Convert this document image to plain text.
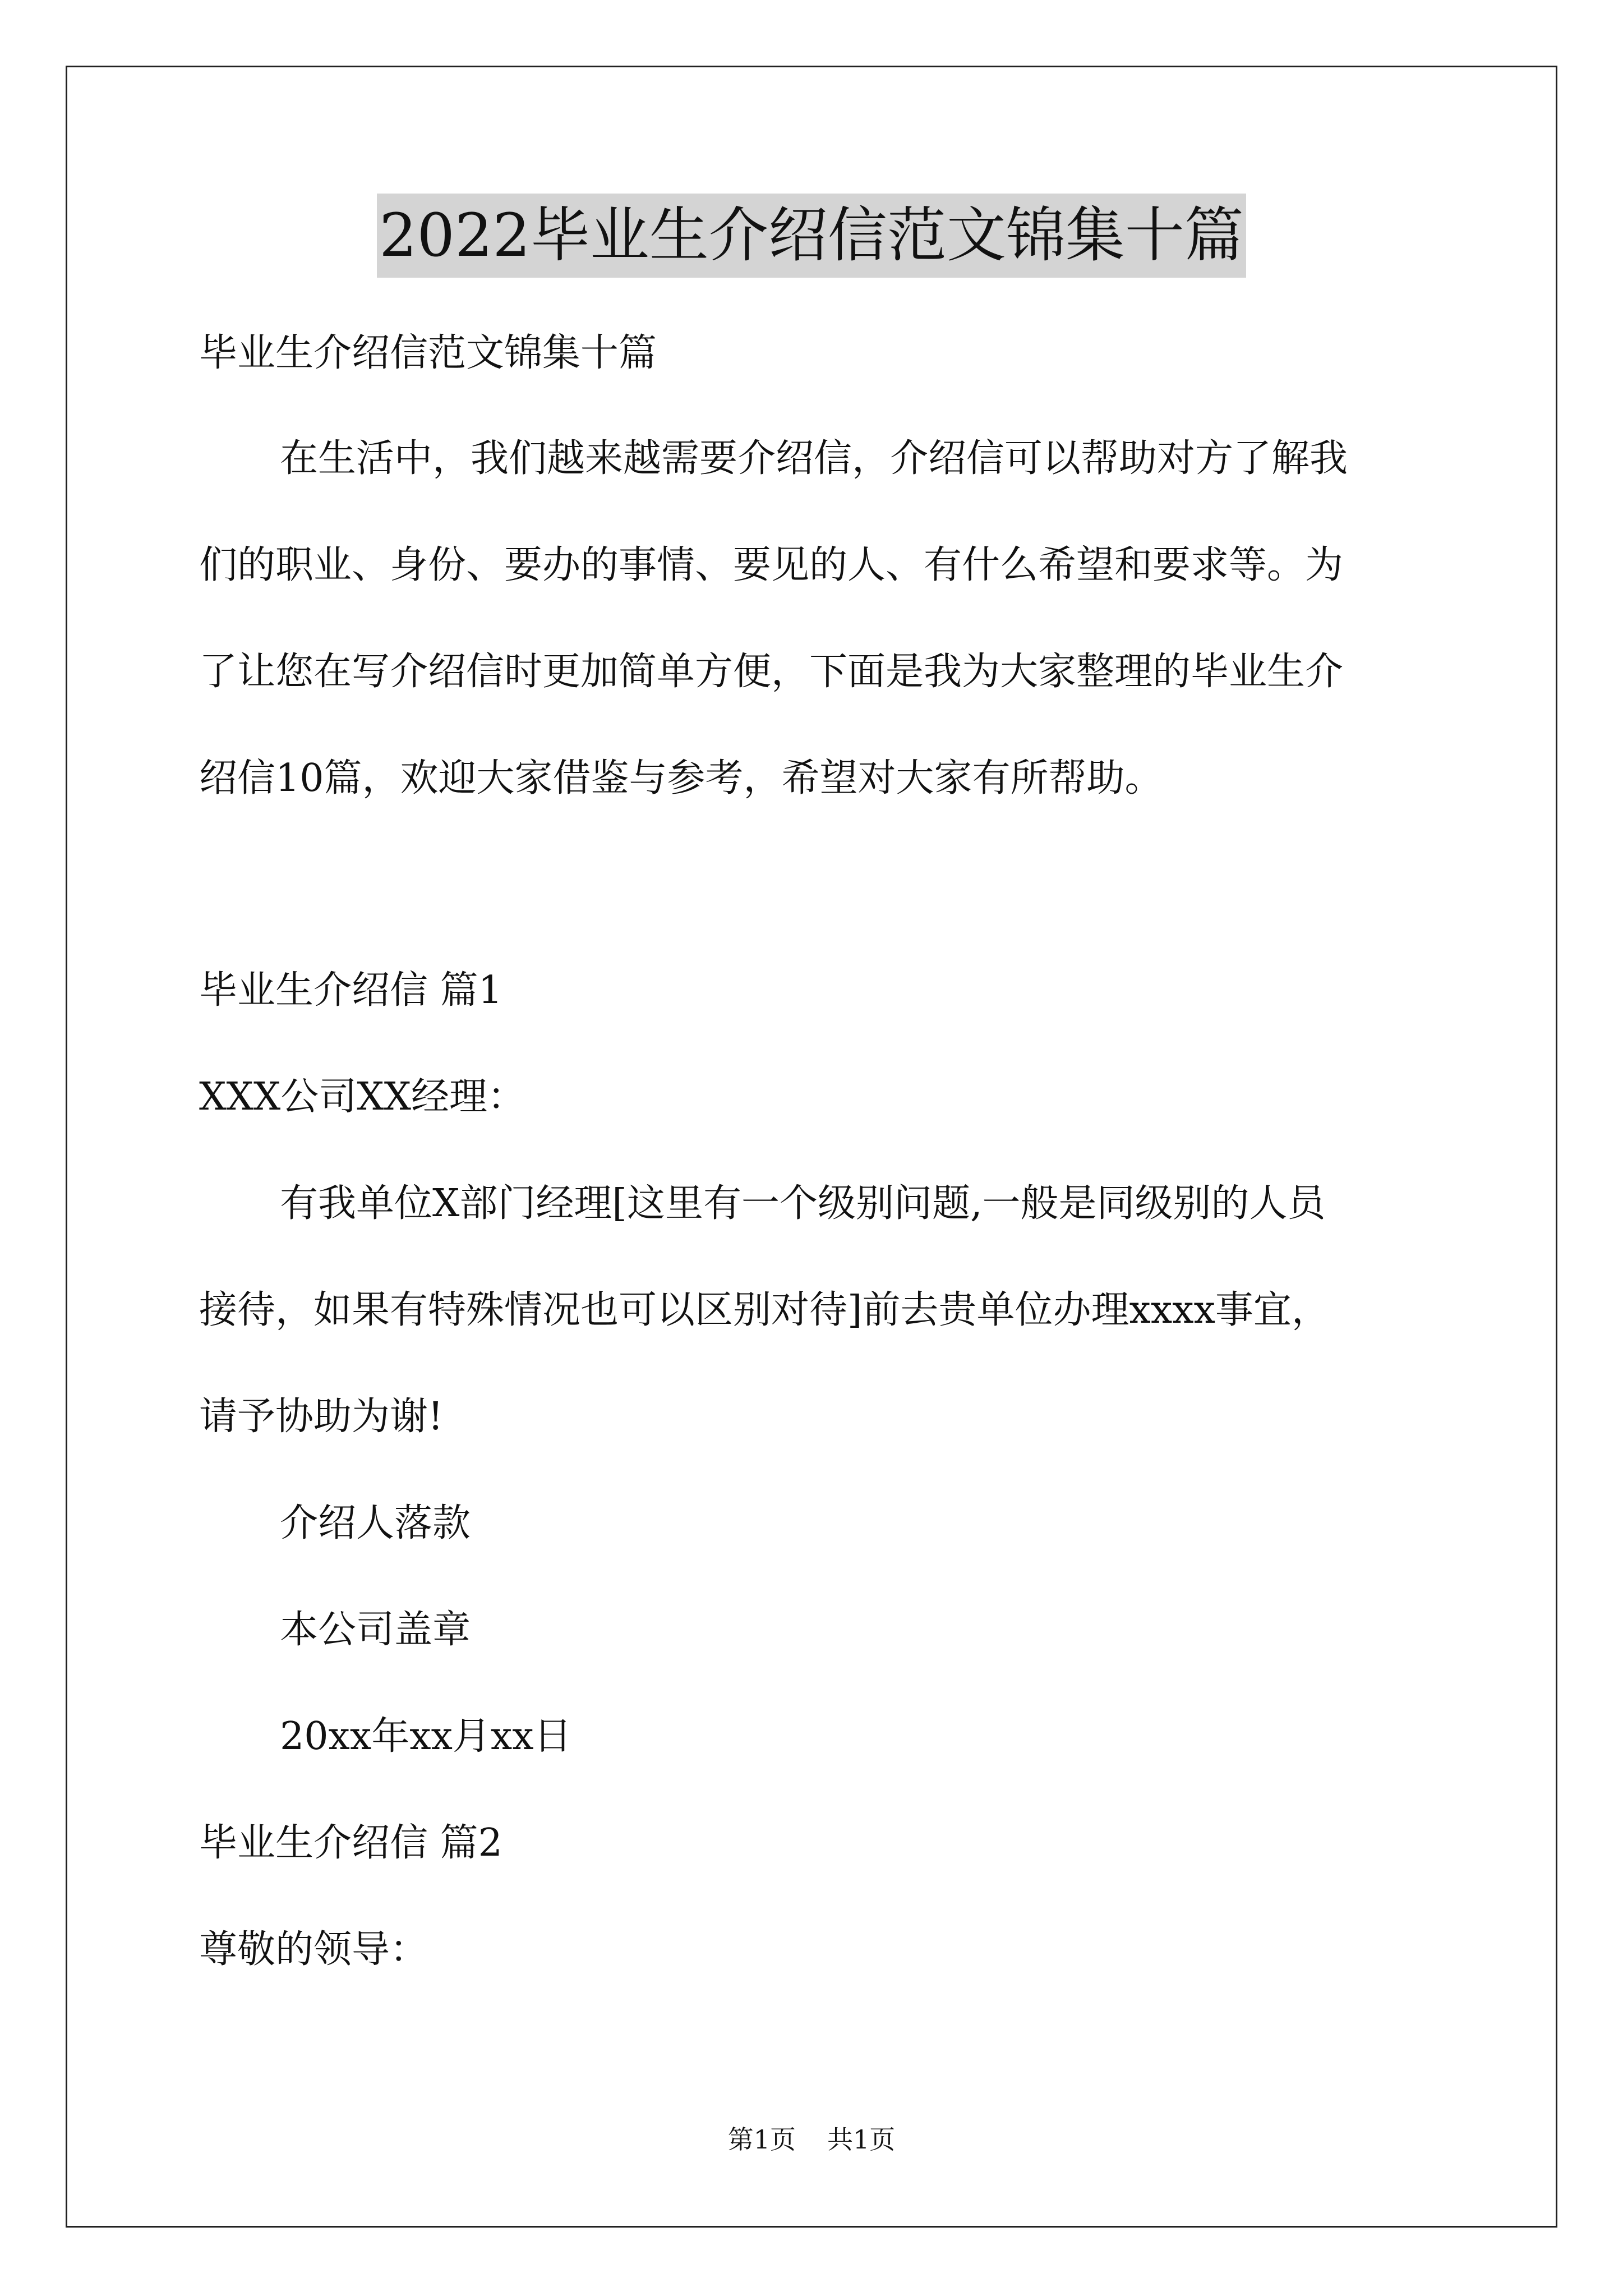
2022毕业生介绍信范文锦集十篇

毕业生介绍信范文锦集十篇

在生活中，我们越来越需要介绍信，介绍信可以帮助对方了解我

们的职业、身份、要办的事情、要见的人、有什么希望和要求等。为

了让您在写介绍信时更加简单方便，下面是我为大家整理的毕业生介

绍信10篇，欢迎大家借鉴与参考，希望对大家有所帮助。

毕业生介绍信 篇1

XXX公司XX经理：

有我单位X部门经理[这里有一个级别问题,一般是同级别的人员

接待，如果有特殊情况也可以区别对待]前去贵单位办理xxxx事宜，

请予协助为谢!

介绍人落款

本公司盖章

20xx年xx月xx日

毕业生介绍信 篇2

尊敬的领导：

第1页 共1页
